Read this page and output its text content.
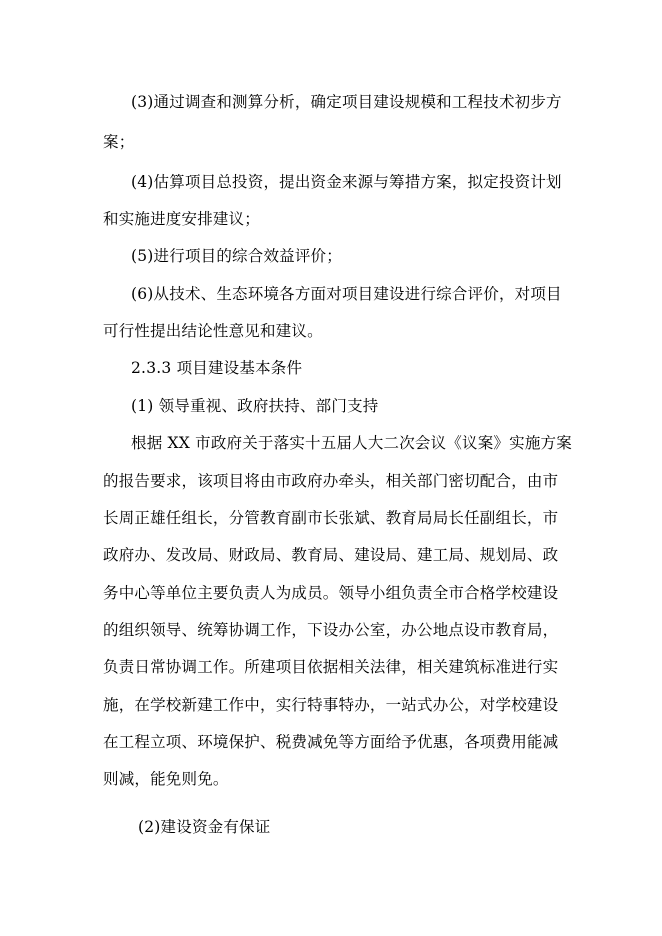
(3)通过调查和测算分析，确定项目建设规模和工程技术初步方
案；
(4)估算项目总投资，提出资金来源与筹措方案，拟定投资计划
和实施进度安排建议；
(5)进行项目的综合效益评价；
(6)从技术、生态环境各方面对项目建设进行综合评价，对项目
可行性提出结论性意见和建议。
2.3.3 项目建设基本条件
(1) 领导重视、政府扶持、部门支持
根据 XX 市政府关于落实十五届人大二次会议《议案》实施方案
的报告要求，该项目将由市政府办牵头，相关部门密切配合，由市
长周正雄任组长，分管教育副市长张斌、教育局局长任副组长，市
政府办、发改局、财政局、教育局、建设局、建工局、规划局、政
务中心等单位主要负责人为成员。领导小组负责全市合格学校建设
的组织领导、统筹协调工作，下设办公室，办公地点设市教育局，
负责日常协调工作。所建项目依据相关法律，相关建筑标准进行实
施，在学校新建工作中，实行特事特办，一站式办公，对学校建设
在工程立项、环境保护、税费减免等方面给予优惠，各项费用能减
则减，能免则免。
(2)建设资金有保证
